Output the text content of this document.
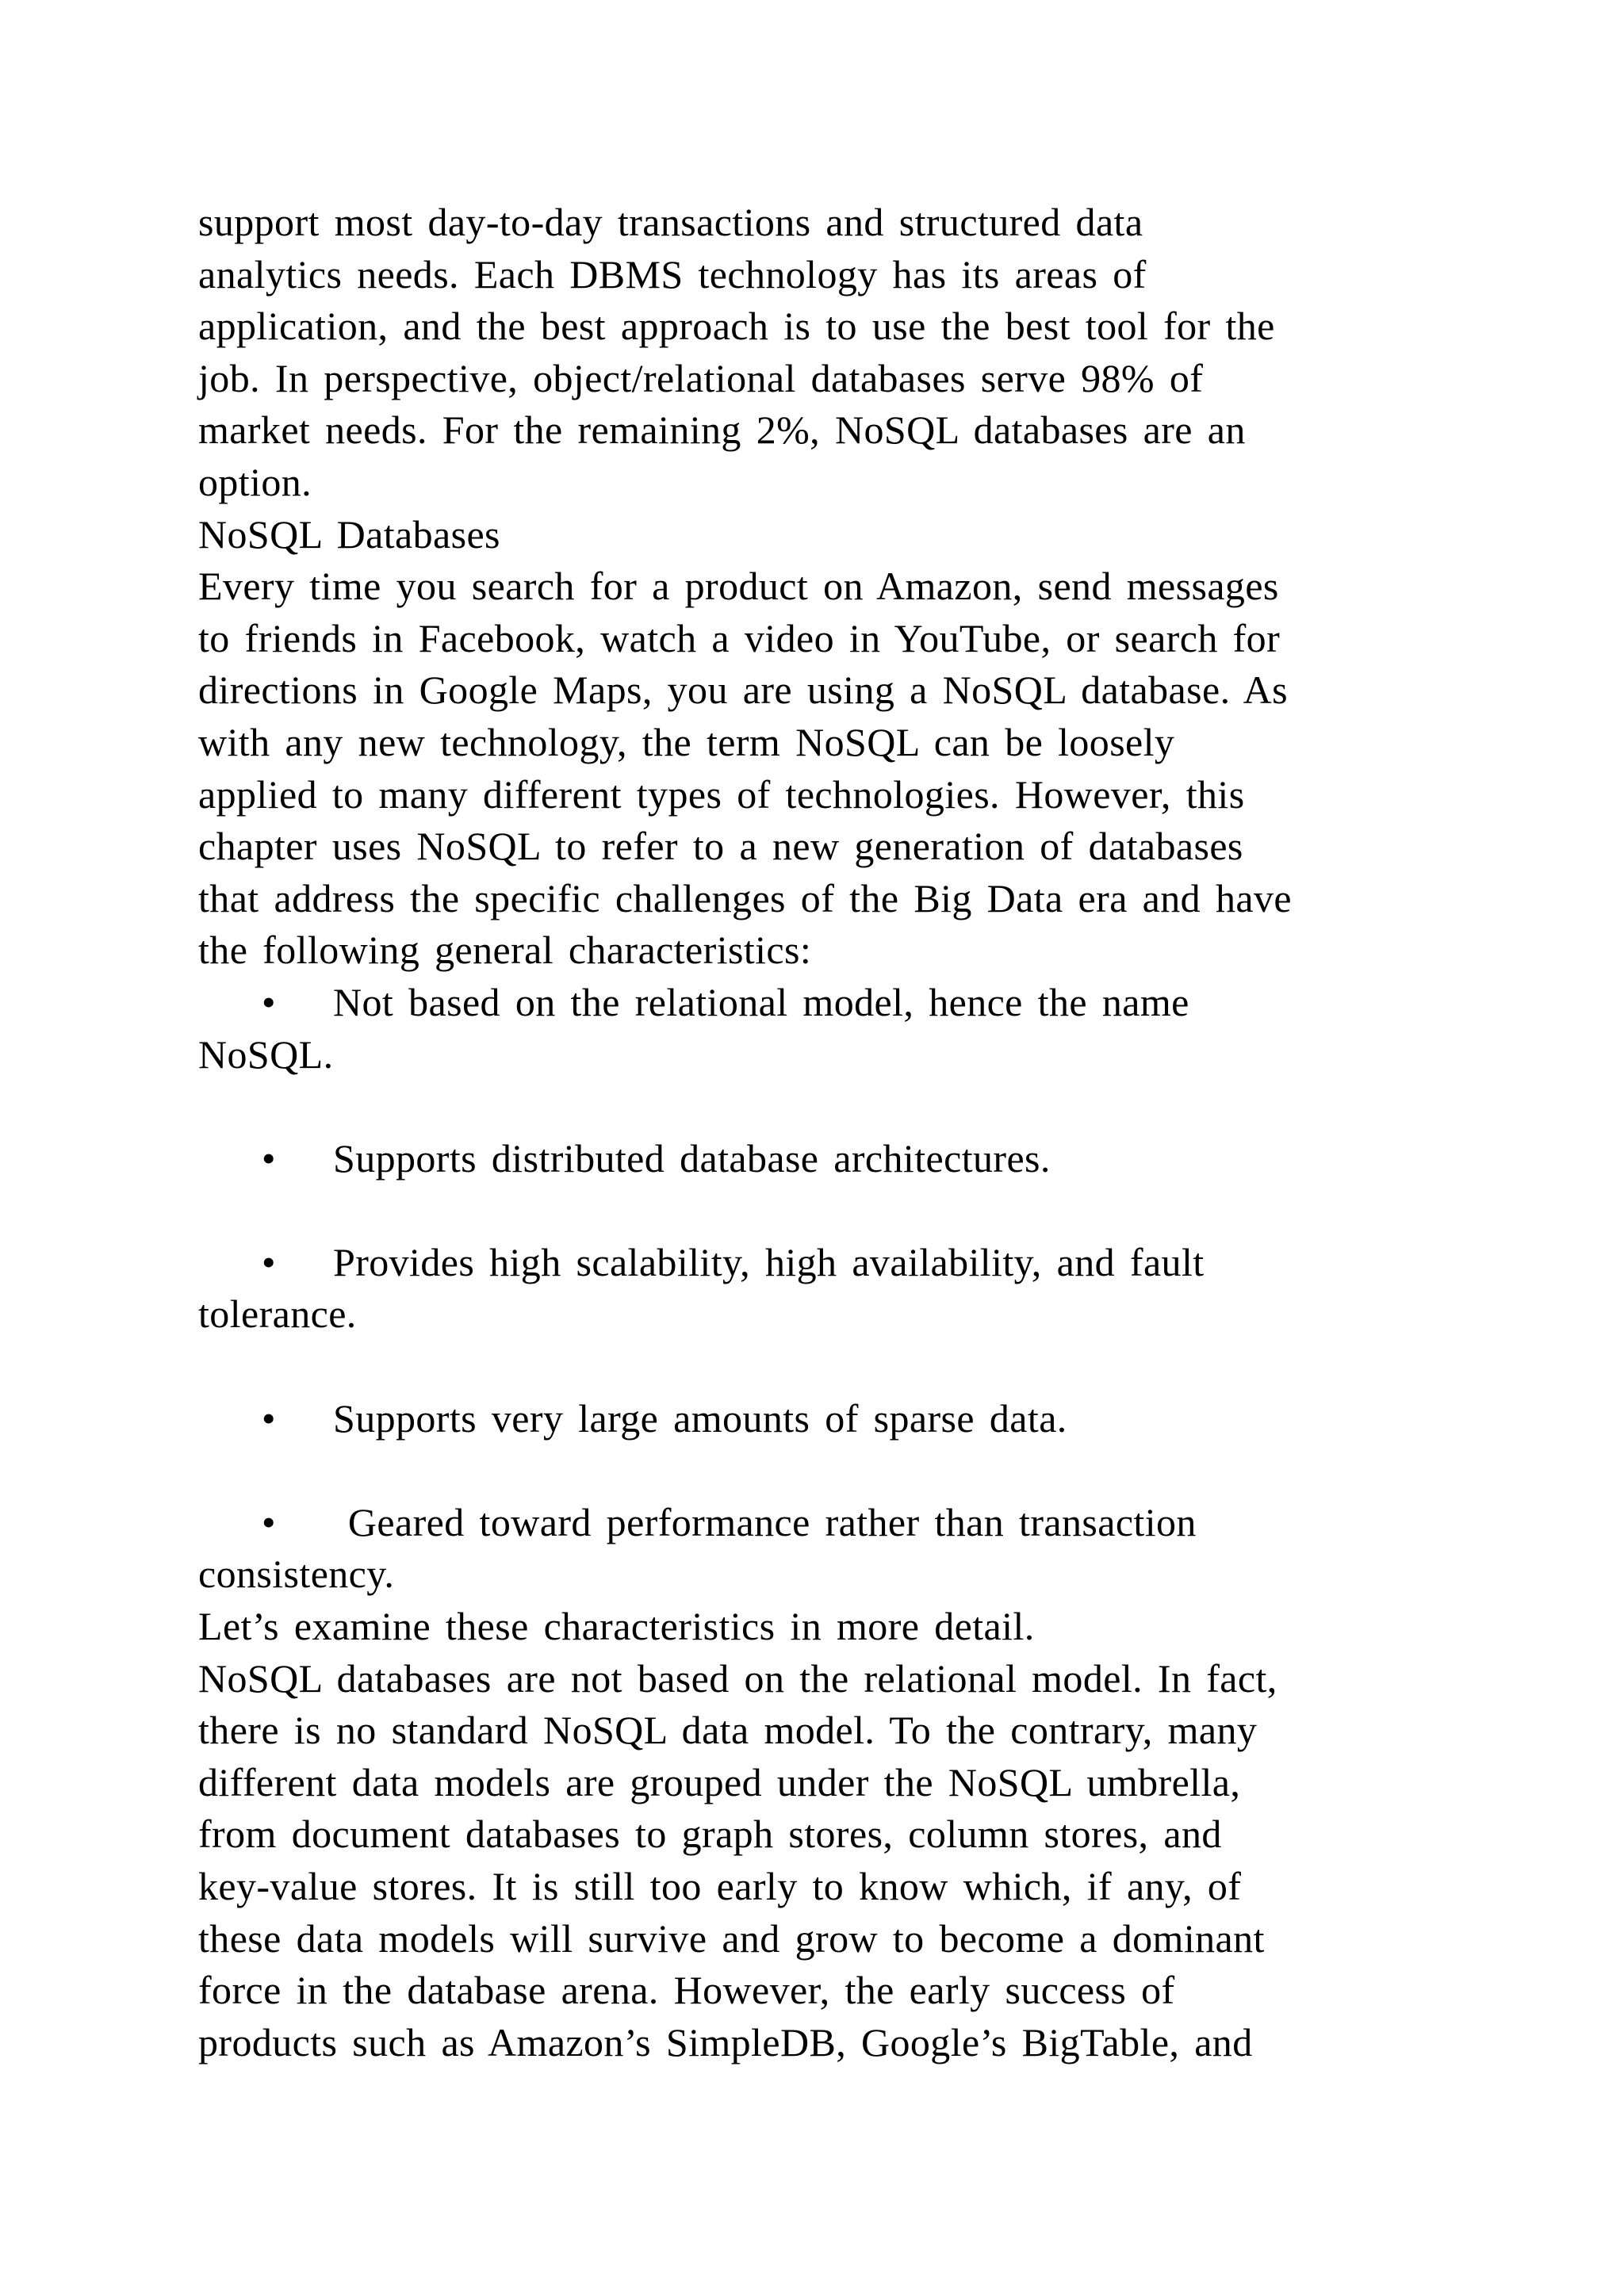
support most day-to-day transactions and structured data
analytics needs. Each DBMS technology has its areas of
application, and the best approach is to use the best tool for the
job. In perspective, object/relational databases serve 98% of
market needs. For the remaining 2%, NoSQL databases are an
option.
NoSQL Databases
Every time you search for a product on Amazon, send messages
to friends in Facebook, watch a video in YouTube, or search for
directions in Google Maps, you are using a NoSQL database. As
with any new technology, the term NoSQL can be loosely
applied to many different types of technologies. However, this
chapter uses NoSQL to refer to a new generation of databases
that address the specific challenges of the Big Data era and have
the following general characteristics:

•

Not based on the relational model, hence the name

NoSQL.

•

Supports distributed database architectures.

•

Provides high scalability, high availability, and fault

tolerance.

•

Supports very large amounts of sparse data.

•

Geared toward performance rather than transaction

consistency.
Let’s examine these characteristics in more detail.
NoSQL databases are not based on the relational model. In fact,
there is no standard NoSQL data model. To the contrary, many
different data models are grouped under the NoSQL umbrella,
from document databases to graph stores, column stores, and
key-value stores. It is still too early to know which, if any, of
these data models will survive and grow to become a dominant
force in the database arena. However, the early success of
products such as Amazon’s SimpleDB, Google’s BigTable, and
